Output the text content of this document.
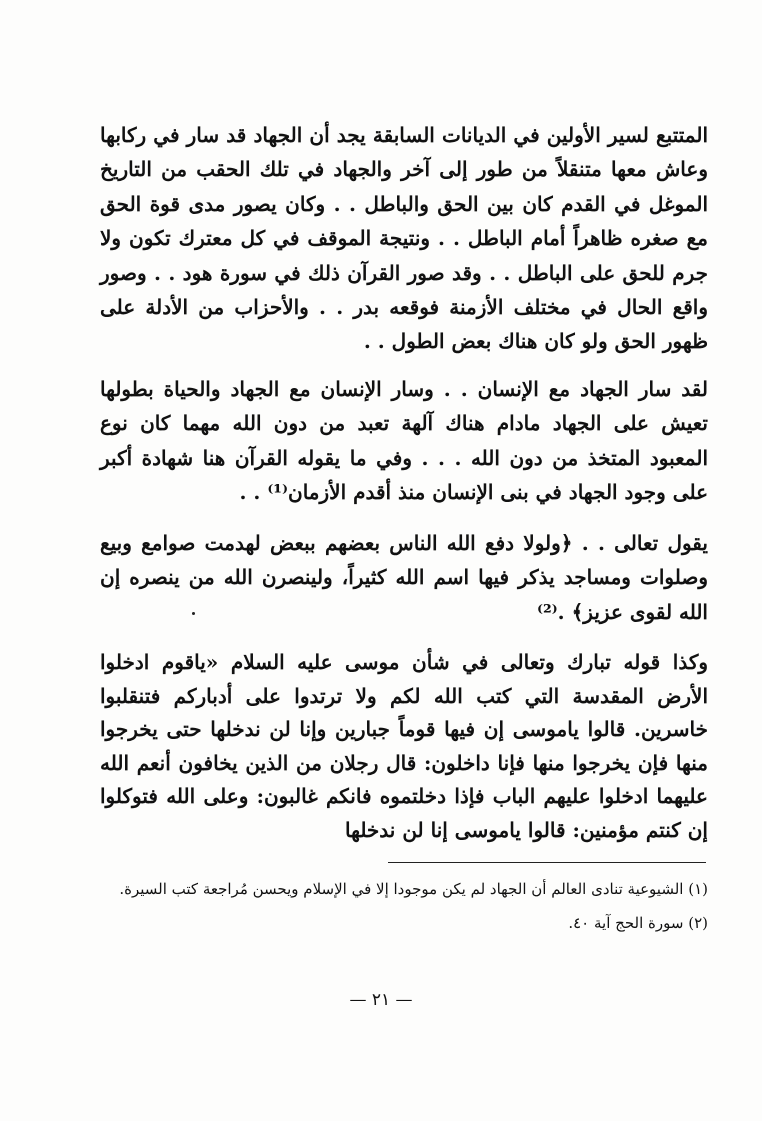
المتتبع لسير الأولين في الديانات السابقة يجد أن الجهاد قد سار في ركابها وعاش معها متنقلاً من طور إلى آخر والجهاد في تلك الحقب من التاريخ الموغل في القدم كان بين الحق والباطل . . وكان يصور مدى قوة الحق مع صغره ظاهراً أمام الباطل . . ونتيجة الموقف في كل معترك تكون ولا جرم للحق على الباطل . . وقد صور القرآن ذلك في سورة هود . . وصور واقع الحال في مختلف الأزمنة فوقعه بدر . . والأحزاب من الأدلة على ظهور الحق ولو كان هناك بعض الطول . .

لقد سار الجهاد مع الإنسان . . وسار الإنسان مع الجهاد والحياة بطولها تعيش على الجهاد مادام هناك آلهة تعبد من دون الله مهما كان نوع المعبود المتخذ من دون الله . . . وفي ما يقوله القرآن هنا شهادة أكبر على وجود الجهاد في بنى الإنسان منذ أقدم الأزمان⁽¹⁾ . .

يقول تعالى . . ﴿ولولا دفع الله الناس بعضهم ببعض لهدمت صوامع وبيع وصلوات ومساجد يذكر فيها اسم الله كثيراً، ولينصرن الله من ينصره إن الله لقوى عزيز﴾ .⁽²⁾

وكذا قوله تبارك وتعالى في شأن موسى عليه السلام «ياقوم ادخلوا الأرض المقدسة التي كتب الله لكم ولا ترتدوا على أدباركم فتنقلبوا خاسرين. قالوا ياموسى إن فيها قوماً جبارين وإنا لن ندخلها حتى يخرجوا منها فإن يخرجوا منها فإنا داخلون: قال رجلان من الذين يخافون أنعم الله عليهما ادخلوا عليهم الباب فإذا دخلتموه فانكم غالبون: وعلى الله فتوكلوا إن كنتم مؤمنين: قالوا ياموسى إنا لن ندخلها

(١) الشيوعية تنادى العالم أن الجهاد لم يكن موجودا إلا في الإسلام ويحسن مُراجعة كتب السيرة.

(٢) سورة الحج آية ٤٠.

— ٢١ —
